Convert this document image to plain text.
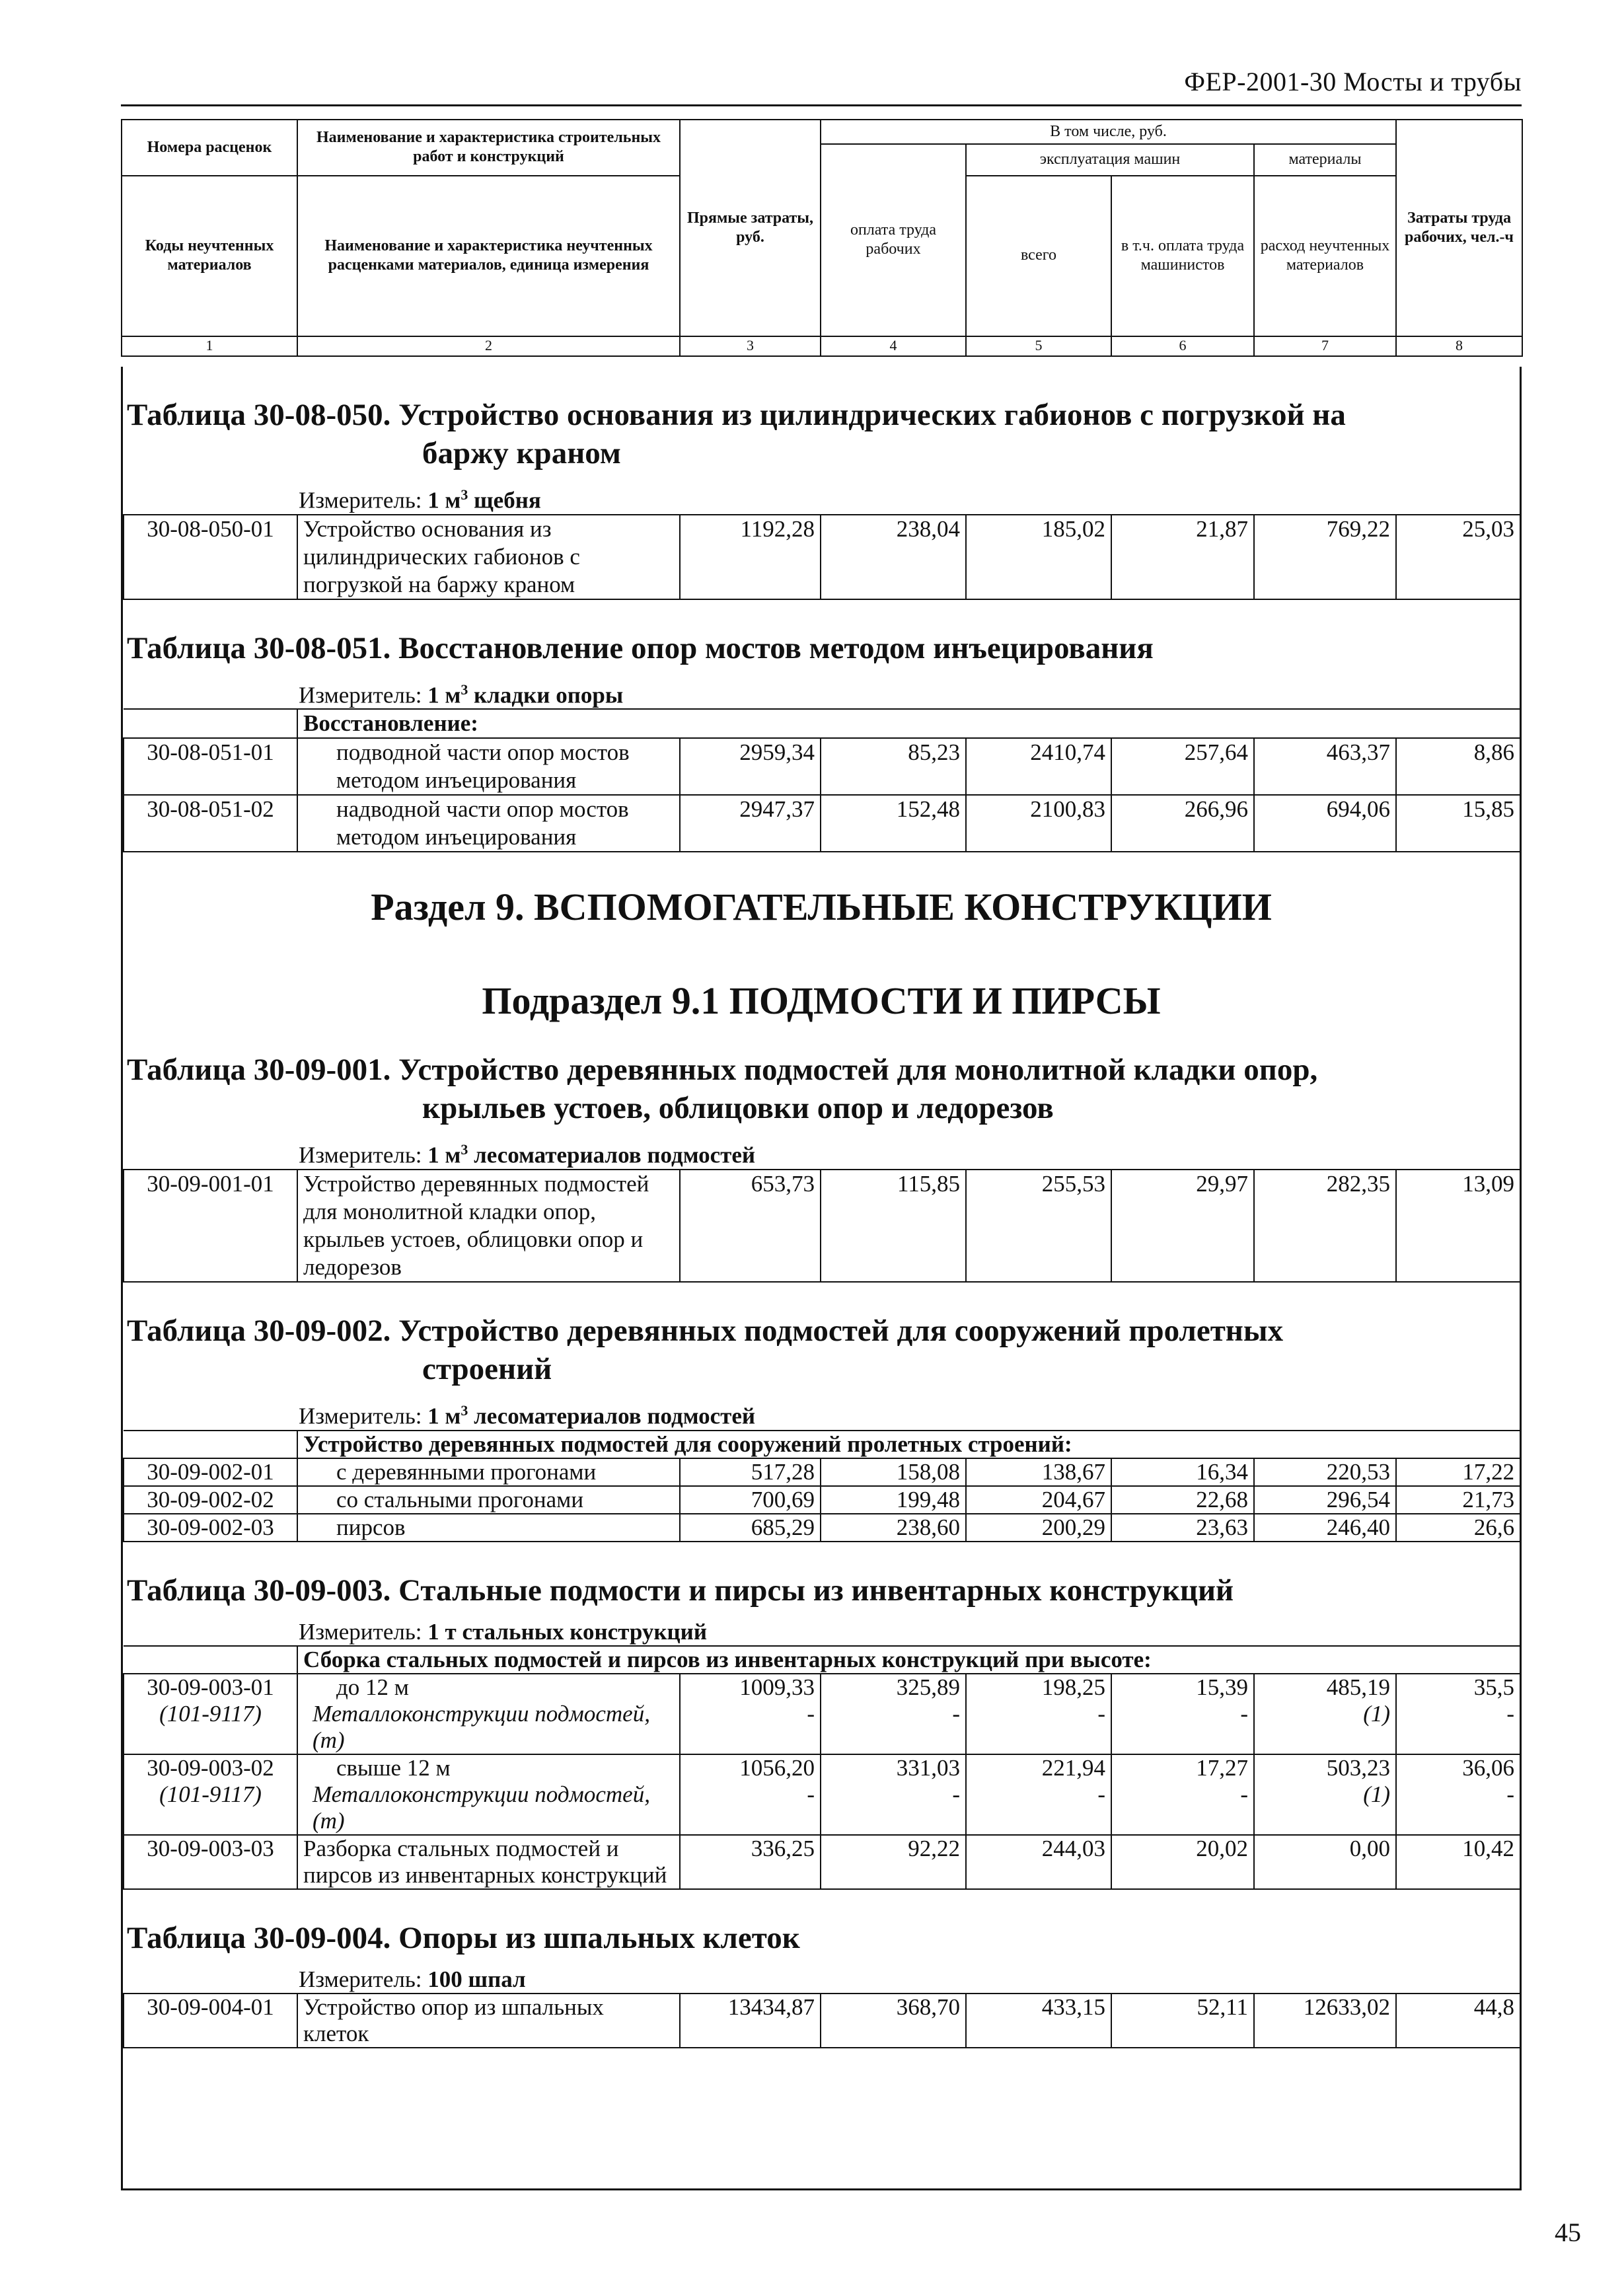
ФЕР-2001-30 Мосты и трубы
Номера расценок	Наименование и характеристика строительных работ и конструкций	Прямые затраты, руб.	В том числе, руб.				Затраты труда рабочих, чел.-ч
			оплата труда рабочих	эксплуатация машин		материалы	
Коды неучтенных материалов	Наименование и характеристика неучтенных расценками материалов, единица измерения			всего	в т.ч. оплата труда машинистов	расход неучтенных материалов	

1	2	3	4	5	6	7	8
Таблица 30-08-050. Устройство основания из цилиндрических габионов с погрузкой на
баржу краном
Измеритель: 1 $м^3$ щебня
30-08-050-01	Устройство основания из цилиндрических габионов с погрузкой на баржу краном	1192,28	238,04	185,02	21,87	769,22	25,03
Таблица 30-08-051. Восстановление опор мостов методом инъецирования
Измеритель: 1 $м^3$ кладки опоры
	Восстановление:						
30-08-051-01	подводной части опор мостов методом инъецирования	2959,34	85,23	2410,74	257,64	463,37	8,86
30-08-051-02	надводной части опор мостов методом инъецирования	2947,37	152,48	2100,83	266,96	694,06	15,85
Раздел 9. ВСПОМОГАТЕЛЬНЫЕ КОНСТРУКЦИИ
Подраздел 9.1 ПОДМОСТИ И ПИРСЫ
Таблица 30-09-001. Устройство деревянных подмостей для монолитной кладки опор,
крыльев устоев, облицовки опор и ледорезов
Измеритель: 1 $м^3$ лесоматериалов подмостей
30-09-001-01	Устройство деревянных подмостей для монолитной кладки опор, крыльев устоев, облицовки опор и ледорезов	653,73	115,85	255,53	29,97	282,35	13,09
Таблица 30-09-002. Устройство деревянных подмостей для сооружений пролетных
строений
Измеритель: 1 $м^3$ лесоматериалов подмостей
	Устройство деревянных подмостей для сооружений пролетных строений:						
30-09-002-01	с деревянными прогонами	517,28	158,08	138,67	16,34	220,53	17,22
30-09-002-02	со стальными прогонами	700,69	199,48	204,67	22,68	296,54	21,73
30-09-002-03	пирсов	685,29	238,60	200,29	23,63	246,40	26,6
Таблица 30-09-003. Стальные подмости и пирсы из инвентарных конструкций
Измеритель: 1 т стальных конструкций
	Сборка стальных подмостей и пирсов из инвентарных конструкций при высоте:						
30-09-003-01	до 12 м	1009,33	325,89	198,25	15,39	485,19	35,5
(101-9117)	Металлоконструкции подмостей, (т)	-	-	-	-	(1)	-
30-09-003-02	свыше 12 м	1056,20	331,03	221,94	17,27	503,23	36,06
(101-9117)	Металлоконструкции подмостей, (т)	-	-	-	-	(1)	-
30-09-003-03	Разборка стальных подмостей и пирсов из инвентарных конструкций	336,25	92,22	244,03	20,02	0,00	10,42
Таблица 30-09-004. Опоры из шпальных клеток
Измеритель: 100 шпал
30-09-004-01	Устройство опор из шпальных клеток	13434,87	368,70	433,15	52,11	12633,02	44,8
45
